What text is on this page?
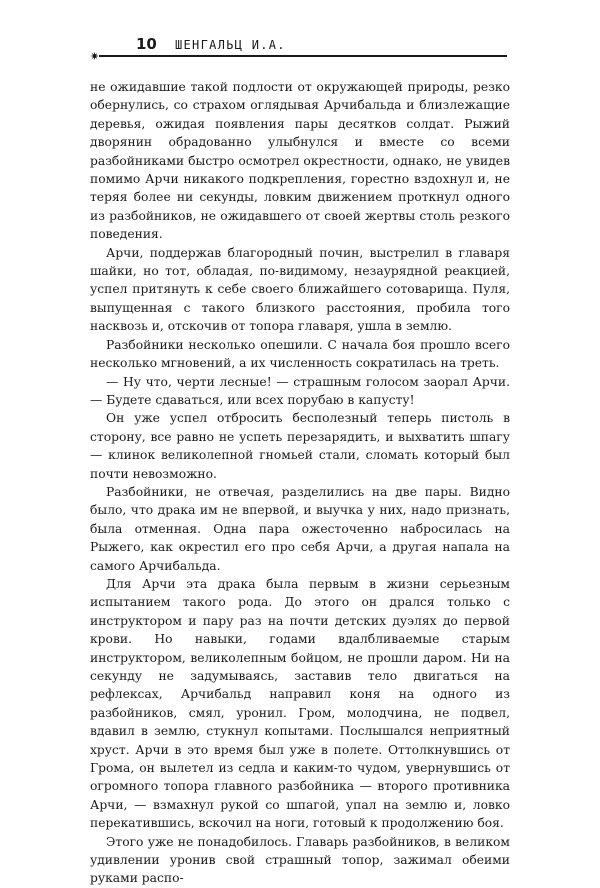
✷
10 ШЕНГАЛЬЦ И.А.

не ожидавшие такой подлости от окружающей природы, резко обернулись, со страхом оглядывая Арчибальда и близлежащие деревья, ожидая появления пары десятков солдат. Рыжий дворянин обрадованно улыбнулся и вместе со всеми разбойниками быстро осмотрел окрестности, однако, не увидев помимо Арчи никакого подкрепления, горестно вздохнул и, не теряя более ни секунды, ловким движением проткнул одного из разбойников, не ожидавшего от своей жертвы столь резкого поведения.

Арчи, поддержав благородный почин, выстрелил в главаря шайки, но тот, обладая, по-видимому, незаурядной реакцией, успел притянуть к себе своего ближайшего сотоварища. Пуля, выпущенная с такого близкого расстояния, пробила того насквозь и, отскочив от топора главаря, ушла в землю.

Разбойники несколько опешили. С начала боя прошло всего несколько мгновений, а их численность сократилась на треть.

— Ну что, черти лесные! — страшным голосом заорал Арчи. — Будете сдаваться, или всех порубаю в капусту!

Он уже успел отбросить бесполезный теперь пистоль в сторону, все равно не успеть перезарядить, и выхватить шпагу — клинок великолепной гномьей стали, сломать который был почти невозможно.

Разбойники, не отвечая, разделились на две пары. Видно было, что драка им не впервой, и выучка у них, надо признать, была отменная. Одна пара ожесточенно набросилась на Рыжего, как окрестил его про себя Арчи, а другая напала на самого Арчибальда.

Для Арчи эта драка была первым в жизни серьезным испытанием такого рода. До этого он дрался только с инструктором и пару раз на почти детских дуэлях до первой крови. Но навыки, годами вдалбливаемые старым инструктором, великолепным бойцом, не прошли даром. Ни на секунду не задумываясь, заставив тело двигаться на рефлексах, Арчибальд направил коня на одного из разбойников, смял, уронил. Гром, молодчина, не подвел, вдавил в землю, стукнул копытами. Послышался неприятный хруст. Арчи в это время был уже в полете. Оттолкнувшись от Грома, он вылетел из седла и каким-то чудом, увернувшись от огромного топора главного разбойника — второго противника Арчи, — взмахнул рукой со шпагой, упал на землю и, ловко перекатившись, вскочил на ноги, готовый к продолжению боя.

Этого уже не понадобилось. Главарь разбойников, в великом удивлении уронив свой страшный топор, зажимал обеими руками распо-
